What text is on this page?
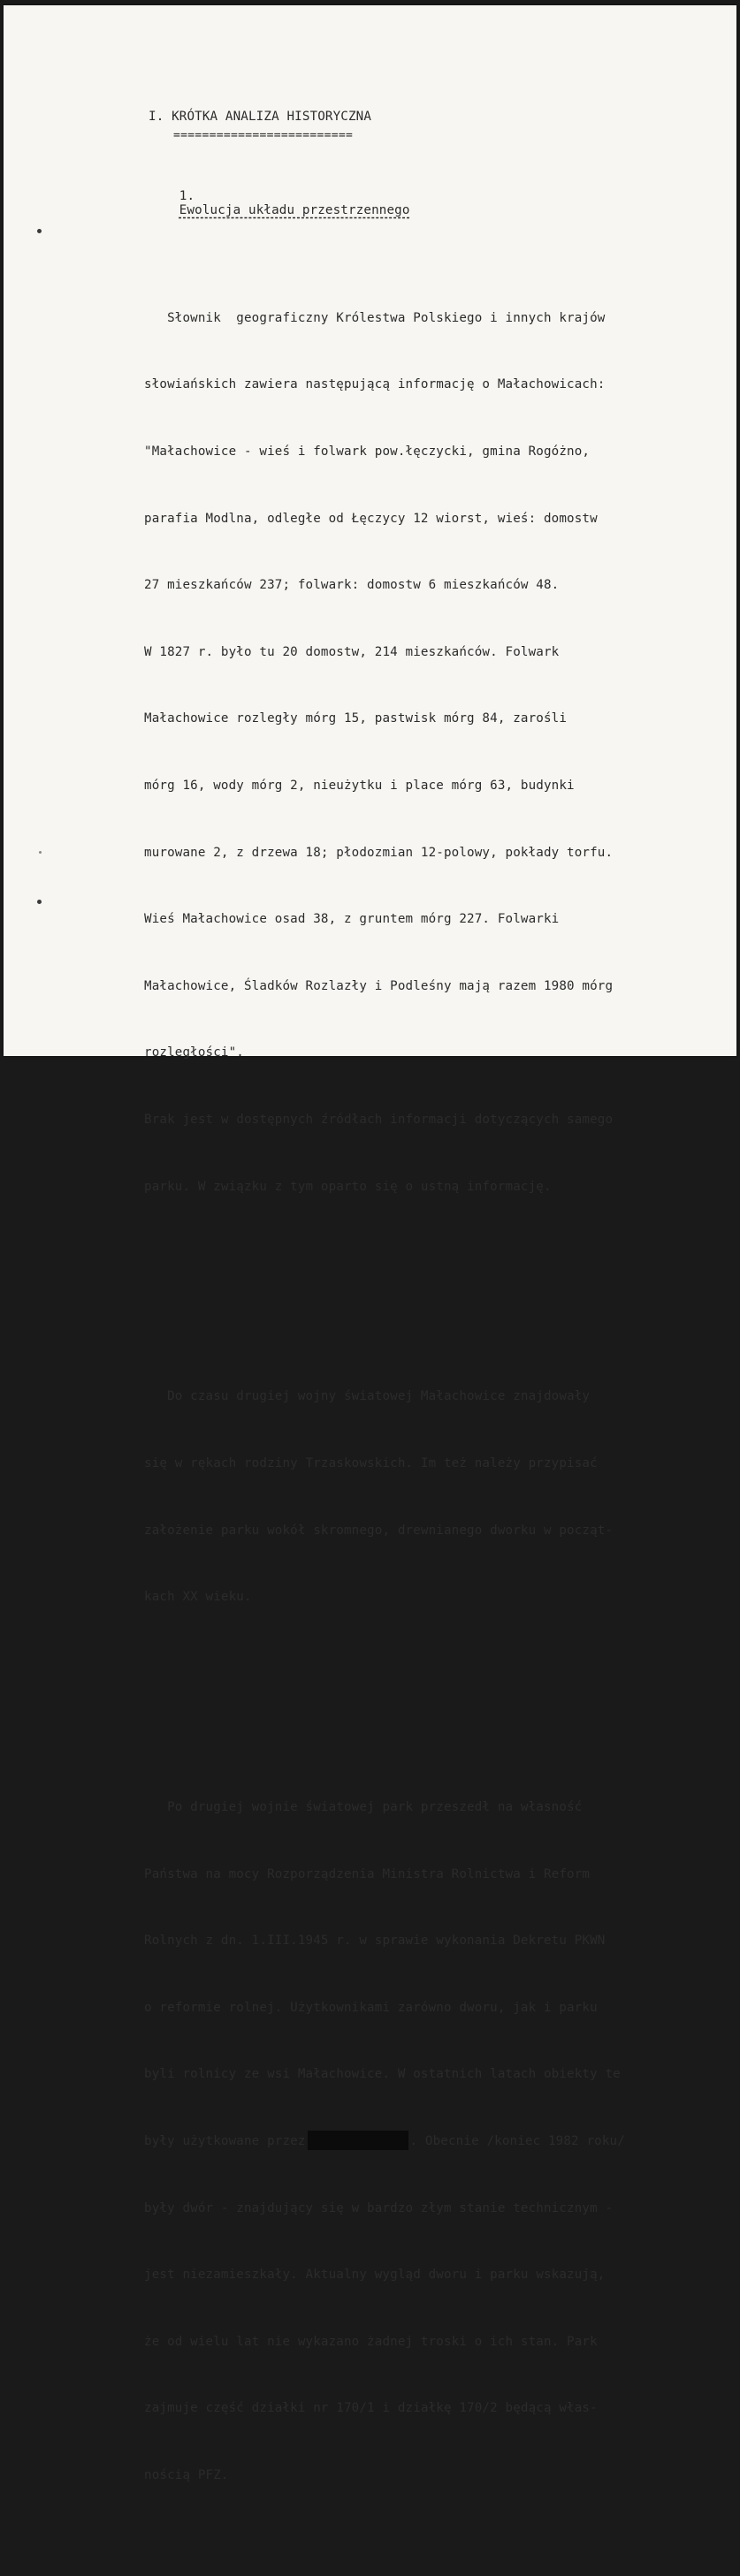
I. KRÓTKA ANALIZA HISTORYCZNA
=========================

1.
Ewolucja układu przestrzennego

Słownik  geograficzny Królestwa Polskiego i innych krajów

słowiańskich zawiera następującą informację o Małachowicach:

"Małachowice - wieś i folwark pow.łęczycki, gmina Rogóżno,

parafia Modlna, odległe od Łęczycy 12 wiorst, wieś: domostw

27 mieszkańców 237; folwark: domostw 6 mieszkańców 48.

W 1827 r. było tu 20 domostw, 214 mieszkańców. Folwark

Małachowice rozległy mórg 15, pastwisk mórg 84, zarośli

mórg 16, wody mórg 2, nieużytku i place mórg 63, budynki

murowane 2, z drzewa 18; płodozmian 12-polowy, pokłady torfu.

Wieś Małachowice osad 38, z gruntem mórg 227. Folwarki

Małachowice, Śladków Rozlazły i Podleśny mają razem 1980 mórg

rozległości".

Brak jest w dostępnych źródłach informacji dotyczących samego

parku. W związku z tym oparto się o ustną informację.

Do czasu drugiej wojny światowej Małachowice znajdowały

się w rękach rodziny Trzaskowskich. Im też należy przypisać

założenie parku wokół skromnego, drewnianego dworku w począt-

kach XX wieku.

Po drugiej wojnie światowej park przeszedł na własność

Państwa na mocy Rozporządzenia Ministra Rolnictwa i Reform

Rolnych z dn. 1.III.1945 r. w sprawie wykonania Dekretu PKWN

o reformie rolnej. Użytkownikami zarówno dworu, jak i parku

byli rolnicy ze wsi Małachowice. W ostatnich latach obiekty te

były użytkowane przez	. Obecnie /koniec 1982 roku/

były dwór - znajdujący się w bardzo złym stanie technicznym -

jest niezamieszkały. Aktualny wygląd dworu i parku wskazują,

że od wielu lat nie wykazano żadnej troski o ich stan. Park

zajmuje część działki nr 170/1 i działkę 170/2 będącą włas-

nością PFZ.
